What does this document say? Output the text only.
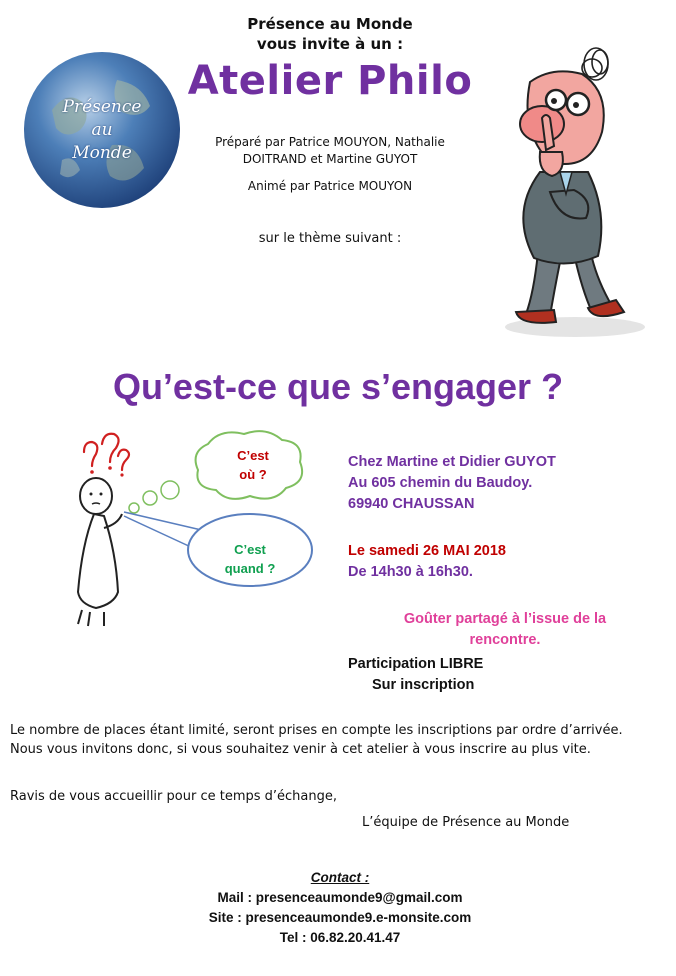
Présence au Monde
vous invite à un :
Atelier Philo
Préparé par Patrice MOUYON, Nathalie
DOITRAND et Martine GUYOT
Animé par Patrice MOUYON
sur le thème suivant :
Présence
au
Monde
Qu’est-ce que s’engager ?
C’est
où ?
C’est
quand ?
Chez Martine et Didier GUYOT
Au 605 chemin du Baudoy.
69940 CHAUSSAN
Le samedi 26 MAI 2018
De 14h30 à 16h30.
Goûter partagé à l’issue de la
rencontre.
Participation LIBRE
Sur inscription
Le nombre de places étant limité, seront prises en compte les inscriptions par ordre d’arrivée.
Nous vous invitons donc, si vous souhaitez venir à cet atelier à vous inscrire au plus vite.
Ravis de vous accueillir pour ce temps d’échange,
L’équipe de Présence au Monde
Contact :
Mail : presenceaumonde9@gmail.com
Site : presenceaumonde9.e-monsite.com
Tel : 06.82.20.41.47
